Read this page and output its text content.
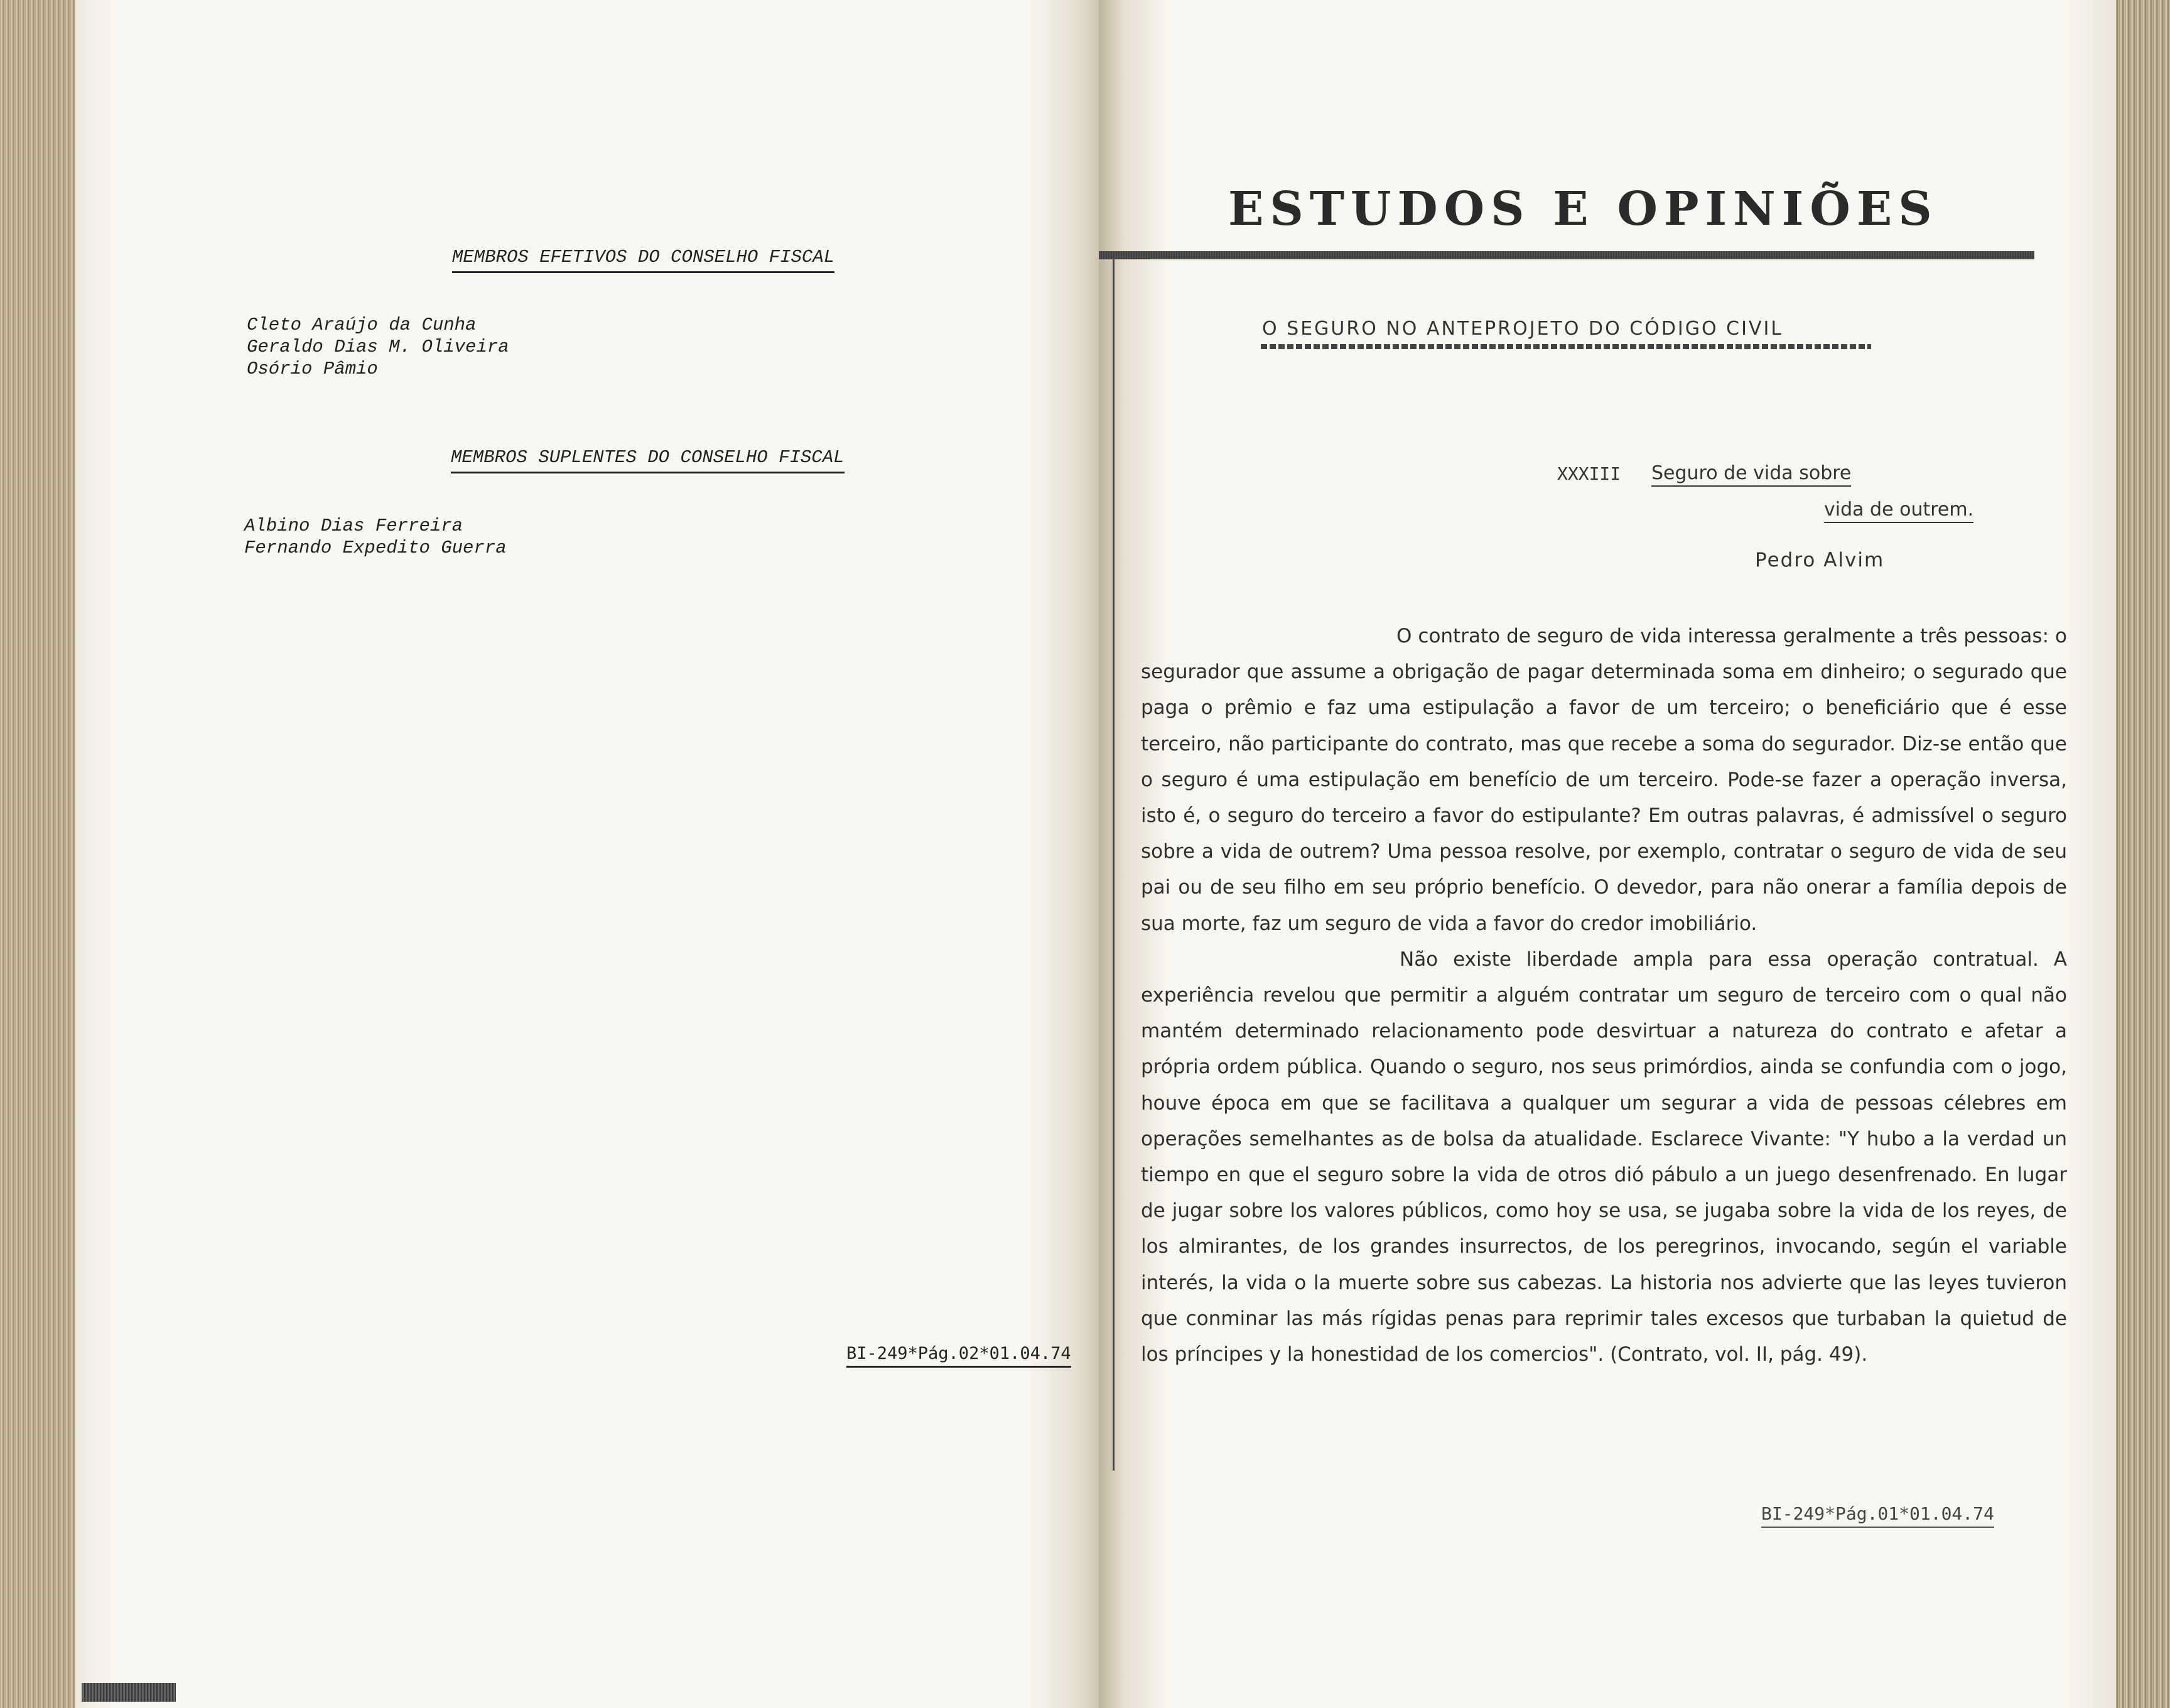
MEMBROS EFETIVOS DO CONSELHO FISCAL
Cleto Araújo da Cunha
Geraldo Dias M. Oliveira
Osório Pâmio
MEMBROS SUPLENTES DO CONSELHO FISCAL
Albino Dias Ferreira
Fernando Expedito Guerra
BI-249*Pág.02*01.04.74
ESTUDOS E OPINIÕES
O SEGURO NO ANTEPROJETO DO CÓDIGO CIVIL
XXXIII Seguro de vida sobre
vida de outrem.
Pedro Alvim

O contrato de seguro de vida interessa geralmente a três pessoas: o segurador que assume a obrigação de pagar determinada soma em dinheiro; o segurado que paga o prêmio e faz uma estipulação a favor de um terceiro; o beneficiário que é esse terceiro, não participante do contrato, mas que recebe a soma do segurador. Diz-se então que o seguro é uma estipulação em benefício de um terceiro. Pode-se fazer a operação inversa, isto é, o seguro do terceiro a favor do estipulante? Em outras palavras, é admissível o seguro sobre a vida de outrem? Uma pessoa resolve, por exemplo, contratar o seguro de vida de seu pai ou de seu filho em seu próprio benefício. O devedor, para não onerar a família depois de sua morte, faz um seguro de vida a favor do credor imobiliário.

Não existe liberdade ampla para essa operação contratual. A experiência revelou que permitir a alguém contratar um seguro de terceiro com o qual não mantém determinado relacionamento pode desvirtuar a natureza do contrato e afetar a própria ordem pública. Quando o seguro, nos seus primórdios, ainda se confundia com o jogo, houve época em que se facilitava a qualquer um segurar a vida de pessoas célebres em operações semelhantes as de bolsa da atualidade. Esclarece Vivante: "Y hubo a la verdad un tiempo en que el seguro sobre la vida de otros dió pábulo a un juego desenfrenado. En lugar de jugar sobre los valores públicos, como hoy se usa, se jugaba sobre la vida de los reyes, de los almirantes, de los grandes insurrectos, de los peregrinos, invocando, según el variable interés, la vida o la muerte sobre sus cabezas. La historia nos advierte que las leyes tuvieron que conminar las más rígidas penas para reprimir tales excesos que turbaban la quietud de los príncipes y la honestidad de los comercios". (Contrato, vol. II, pág. 49).

BI-249*Pág.01*01.04.74
